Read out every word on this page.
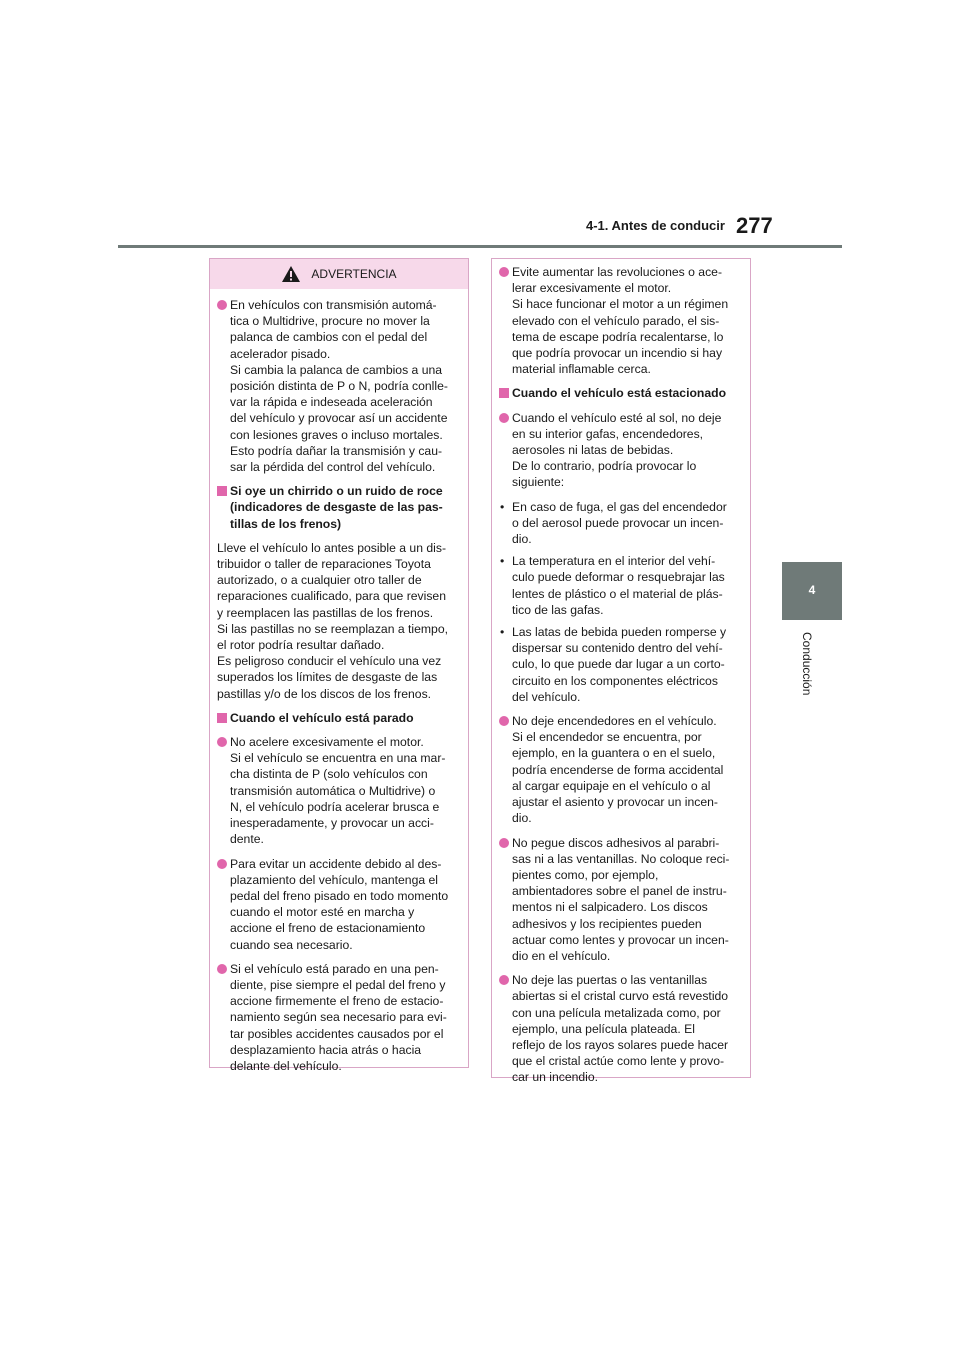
4-1. Antes de conducir 277
4
Conducción
ADVERTENCIA
En vehículos con transmisión automá-
tica o Multidrive, procure no mover la
palanca de cambios con el pedal del
acelerador pisado.
Si cambia la palanca de cambios a una
posición distinta de P o N, podría conlle-
var la rápida e indeseada aceleración
del vehículo y provocar así un accidente
con lesiones graves o incluso mortales.
Esto podría dañar la transmisión y cau-
sar la pérdida del control del vehículo.
Si oye un chirrido o un ruido de roce
(indicadores de desgaste de las pas-
tillas de los frenos)
Lleve el vehículo lo antes posible a un dis-
tribuidor o taller de reparaciones Toyota
autorizado, o a cualquier otro taller de
reparaciones cualificado, para que revisen
y reemplacen las pastillas de los frenos.
Si las pastillas no se reemplazan a tiempo,
el rotor podría resultar dañado.
Es peligroso conducir el vehículo una vez
superados los límites de desgaste de las
pastillas y/o de los discos de los frenos.
Cuando el vehículo está parado
No acelere excesivamente el motor.
Si el vehículo se encuentra en una mar-
cha distinta de P (solo vehículos con
transmisión automática o Multidrive) o
N, el vehículo podría acelerar brusca e
inesperadamente, y provocar un acci-
dente.
Para evitar un accidente debido al des-
plazamiento del vehículo, mantenga el
pedal del freno pisado en todo momento
cuando el motor esté en marcha y
accione el freno de estacionamiento
cuando sea necesario.
Si el vehículo está parado en una pen-
diente, pise siempre el pedal del freno y
accione firmemente el freno de estacio-
namiento según sea necesario para evi-
tar posibles accidentes causados por el
desplazamiento hacia atrás o hacia
delante del vehículo.
Evite aumentar las revoluciones o ace-
lerar excesivamente el motor.
Si hace funcionar el motor a un régimen
elevado con el vehículo parado, el sis-
tema de escape podría recalentarse, lo
que podría provocar un incendio si hay
material inflamable cerca.
Cuando el vehículo está estacionado
Cuando el vehículo esté al sol, no deje
en su interior gafas, encendedores,
aerosoles ni latas de bebidas.
De lo contrario, podría provocar lo
siguiente:
• En caso de fuga, el gas del encendedor
o del aerosol puede provocar un incen-
dio.
• La temperatura en el interior del vehí-
culo puede deformar o resquebrajar las
lentes de plástico o el material de plás-
tico de las gafas.
• Las latas de bebida pueden romperse y
dispersar su contenido dentro del vehí-
culo, lo que puede dar lugar a un corto-
circuito en los componentes eléctricos
del vehículo.
No deje encendedores en el vehículo.
Si el encendedor se encuentra, por
ejemplo, en la guantera o en el suelo,
podría encenderse de forma accidental
al cargar equipaje en el vehículo o al
ajustar el asiento y provocar un incen-
dio.
No pegue discos adhesivos al parabri-
sas ni a las ventanillas. No coloque reci-
pientes como, por ejemplo,
ambientadores sobre el panel de instru-
mentos ni el salpicadero. Los discos
adhesivos y los recipientes pueden
actuar como lentes y provocar un incen-
dio en el vehículo.
No deje las puertas o las ventanillas
abiertas si el cristal curvo está revestido
con una película metalizada como, por
ejemplo, una película plateada. El
reflejo de los rayos solares puede hacer
que el cristal actúe como lente y provo-
car un incendio.
